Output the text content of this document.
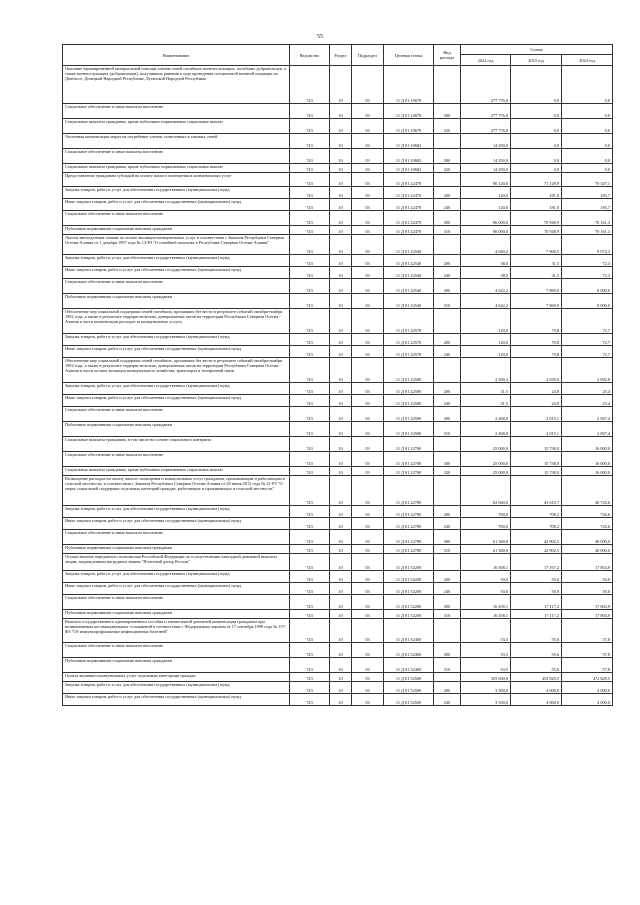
55
Наименование	Ведомство	Раздел	Подраздел	Целевая статья	Вид расхода	Сумма		
						2022 год	2023 год	2024 год
Оказание единовременной материальной помощи членам семей погибших военнослужащих, погибших добровольцев, а также военнослужащих (добровольцев), получивших ранения в ходе проведения специальной военной операции на Донбассе, Донецкой Народной Республике, Луганской Народной Республике	743	10	03	11 Д 01 10679		277 776,0	0,0	0,0
Социальное обеспечение и иные выплаты населению	743	10	03	11 Д 01 10679	300	277 776,0	0,0	0,0
Социальные выплаты гражданам, кроме публичных нормативных социальных выплат	743	10	03	11 Д 01 10679	320	277 776,0	0,0	0,0
Частичная компенсация затрат на погребение членов, понесенных в таковых семей	743	10	03	11 Д 01 10682		14 250,0	0,0	0,0
Социальное обеспечение и иные выплаты населению	743	10	03	11 Д 01 10682	300	14 250,0	0,0	0,0
Социальные выплаты гражданам, кроме публичных нормативных социальных выплат	743	10	03	11 Д 01 10682	320	14 250,0	0,0	0,0
Предоставление гражданам субсидий на оплату жилого помещения и коммунальных услуг	743	10	03	11 Д 01 22470		86 120,0	71 129,9	70 347,1
Закупка товаров, работ и услуг для обеспечения государственных (муниципальных) нужд	743	10	03	11 Д 01 22470	200	120,0	181,0	185,7
Иные закупки товаров, работ и услуг для обеспечения государственных (муниципальных) нужд	743	10	03	11 Д 01 22470	240	120,0	181,0	185,7
Социальное обеспечение и иные выплаты населению	743	10	03	11 Д 01 22470	300	86 000,0	70 948,9	70 161,3
Публичные нормативные социальные выплаты гражданам	743	10	03	11 Д 01 22470	310	86 000,0	70 948,9	70 161,3
Льготы многодетным семьям по оплате жилищно-коммунальных услуг в соответствии с Законом Республики Северная Осетия-Алания от 1 декабря 1997 года № 13-РЗ "О семейной политике в Республике Северная Осетия-Алания"	743	10	03	11 Д 01 22540		4 660,2	7 900,5	8 072,3
Закупка товаров, работ и услуг для обеспечения государственных (муниципальных) нужд	743	10	03	11 Д 01 22540	200	38,0	31,5	72,3
Иные закупки товаров, работ и услуг для обеспечения государственных (муниципальных) нужд	743	10	03	11 Д 01 22540	240	38,0	31,5	72,3
Социальное обеспечение и иные выплаты населению	743	10	03	11 Д 01 22540	300	4 622,2	7 869,0	8 000,0
Публичные нормативные социальные выплаты гражданам	743	10	03	11 Д 01 22540	310	4 622,2	7 869,0	8 000,0
Обеспечение мер социальной поддержки семей погибших, пропавших без вести в результате событий октября-ноября 1992 года, а также в результате террористических, диверсионных актов на территории Республики Северная Осетия - Алания в части компенсации расходов за коммунальные услуги	743	10	03	11 Д 01 22570		120,0	70,8	72,7
Закупка товаров, работ и услуг для обеспечения государственных (муниципальных) нужд	743	10	03	11 Д 01 22570	200	120,0	70,8	72,7
Иные закупки товаров, работ и услуг для обеспечения государственных (муниципальных) нужд	743	10	03	11 Д 01 22570	240	120,0	70,8	72,7
Обеспечение мер социальной поддержки семей погибших, пропавших без вести в результате событий октября-ноября 1992 года, а также в результате террористических, диверсионных актов на территории Республики Северная Осетия - Алания в части оплаты жилищно-коммунального хозяйства, транспорта и телефонной связи	743	10	03	11 Д 01 22580		2 500,3	2 039,9	2 092,8
Закупка товаров, работ и услуг для обеспечения государственных (муниципальных) нужд	743	10	03	11 Д 01 22580	200	31,5	24,8	25,4
Иные закупки товаров, работ и услуг для обеспечения государственных (муниципальных) нужд	743	10	03	11 Д 01 22580	240	31,5	24,8	25,4
Социальное обеспечение и иные выплаты населению	743	10	03	11 Д 01 22580	300	2 468,8	2 015,1	2 067,4
Публичные нормативные социальные выплаты гражданам	743	10	03	11 Д 01 22580	310	2 468,8	2 015,1	2 067,4
Социальные выплаты гражданам, в том числе на основе социального контракта	743	10	03	11 Д 01 22700		25 000,0	15 738,0	16 000,0
Социальное обеспечение и иные выплаты населению	743	10	03	11 Д 01 22700	300	25 000,0	15 738,0	16 000,0
Социальные выплаты гражданам, кроме публичных нормативных социальных выплат	743	10	03	11 Д 01 22700	320	25 000,0	15 738,0	16 000,0
Возмещение расходов на оплату жилого помещения и коммунальных услуг гражданам, проживающим и работающим в сельской местности, в соответствии с Законом Республики Северная Осетия-Алания от 20 июня 2012 года № 21-РЗ "О мерах социальной поддержки отдельных категорий граждан, работающих и проживающих в сельской местности"	743	10	03	11 Д 01 22780		62 060,0	43 610,7	40 726,6
Закупка товаров, работ и услуг для обеспечения государственных (муниципальных) нужд	743	10	03	11 Д 01 22780	200	700,0	708,2	726,6
Иные закупки товаров, работ и услуг для обеспечения государственных (муниципальных) нужд	743	10	03	11 Д 01 22780	240	700,0	708,2	726,6
Социальное обеспечение и иные выплаты населению	743	10	03	11 Д 01 22780	300	61 360,0	42 902,5	40 000,0
Публичные нормативные социальные выплаты гражданам	743	10	03	11 Д 01 22780	310	61 360,0	42 902,5	40 000,0
Осуществление переданного полномочия Российской Федерации по осуществлению ежегодной денежной выплаты лицам, награжденным нагрудным знаком "Почетный донор России"	743	10	03	11 Д 01 52200		16 508,1	17 167,2	17 854,9
Закупка товаров, работ и услуг для обеспечения государственных (муниципальных) нужд	743	10	03	11 Д 01 52200	200	50,0	50,0	50,0
Иные закупки товаров, работ и услуг для обеспечения государственных (муниципальных) нужд	743	10	03	11 Д 01 52200	240	50,0	50,0	50,0
Социальное обеспечение и иные выплаты населению	743	10	03	11 Д 01 52200	300	16 458,1	17 117,2	17 804,9
Публичные нормативные социальные выплаты гражданам	743	10	03	11 Д 01 52200	310	16 458,1	17 117,2	17 804,9
Выплата государственного единовременного пособия и ежемесячной денежной компенсации гражданам при возникновении поствакцинальных осложнений в соответствии с Федеральным законом от 17 сентября 1998 года № 157-ФЗ "Об иммунопрофилактике инфекционных болезней"	743	10	03	11 Д 01 52400		53,5	55,6	57,8
Социальное обеспечение и иные выплаты населению	743	10	03	11 Д 01 52400	300	53,5	55,6	57,8
Публичные нормативные социальные выплаты гражданам	743	10	03	11 Д 01 52400	310	53,5	55,6	57,8
Оплата жилищно-коммунальных услуг отдельным категориям граждан	743	10	03	11 Д 01 52500		355 600,0	453 829,5	472 829,5
Закупка товаров, работ и услуг для обеспечения государственных (муниципальных) нужд	743	10	03	11 Д 01 52500	200	3 500,0	4 000,0	4 000,0
Иные закупки товаров, работ и услуг для обеспечения государственных (муниципальных) нужд	743	10	03	11 Д 01 52500	240	3 500,0	4 000,0	4 000,0
